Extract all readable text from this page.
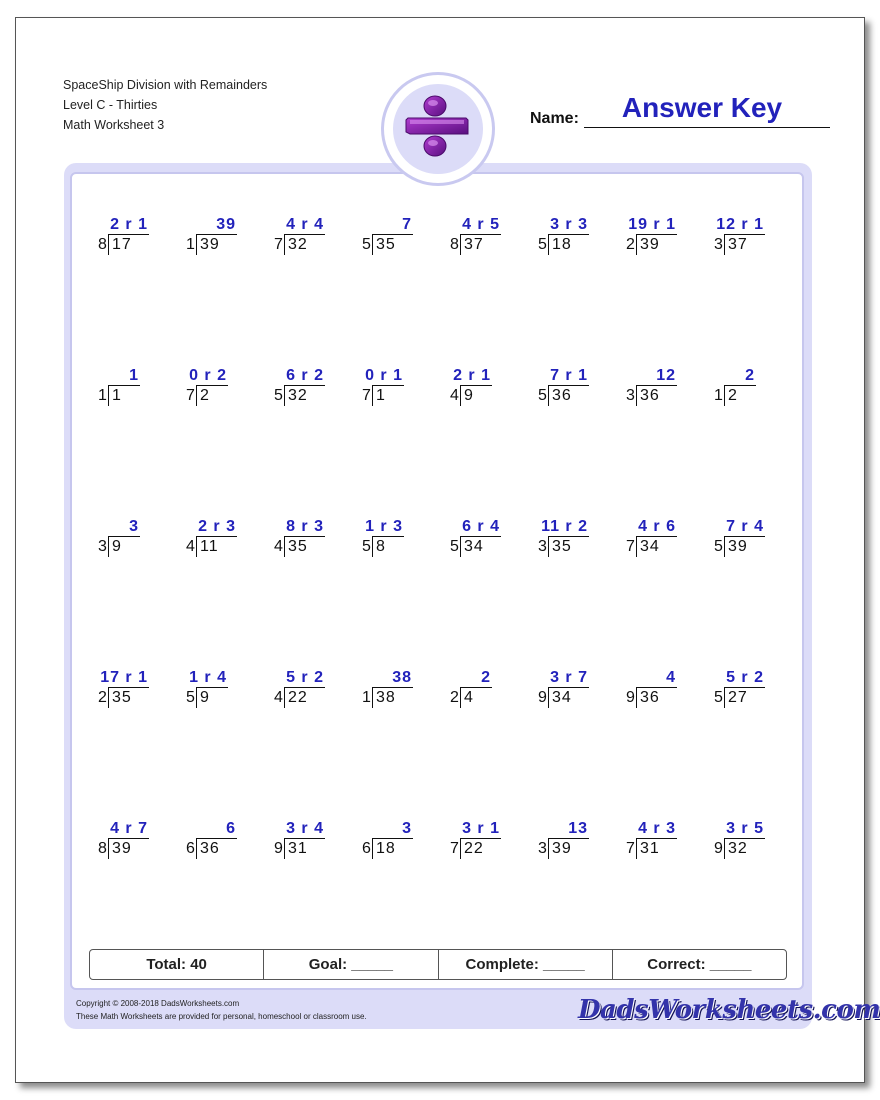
SpaceShip Division with Remainders
Level C - Thirties
Math Worksheet 3	Name:	Answer Key
2 r 1
8 17
39
1 39
4 r 4
7 32
7
5 35
4 r 5
8 37
3 r 3
5 18
19 r 1
2 39
12 r 1
3 37
1
1 1
0 r 2
7 2
6 r 2
5 32
0 r 1
7 1
2 r 1
4 9
7 r 1
5 36
12
3 36
2
1 2
3
3 9
2 r 3
4 11
8 r 3
4 35
1 r 3
5 8
6 r 4
5 34
11 r 2
3 35
4 r 6
7 34
7 r 4
5 39
17 r 1
2 35
1 r 4
5 9
5 r 2
4 22
38
1 38
2
2 4
3 r 7
9 34
4
9 36
5 r 2
5 27
4 r 7
8 39
6
6 36
3 r 4
9 31
3
6 18
3 r 1
7 22
13
3 39
4 r 3
7 31
3 r 5
9 32
Total: 40	Goal: _____	Complete: _____	Correct: _____
Copyright © 2008-2018 DadsWorksheets.com
These Math Worksheets are provided for personal, homeschool or classroom use.	DadsWorksheets.com
